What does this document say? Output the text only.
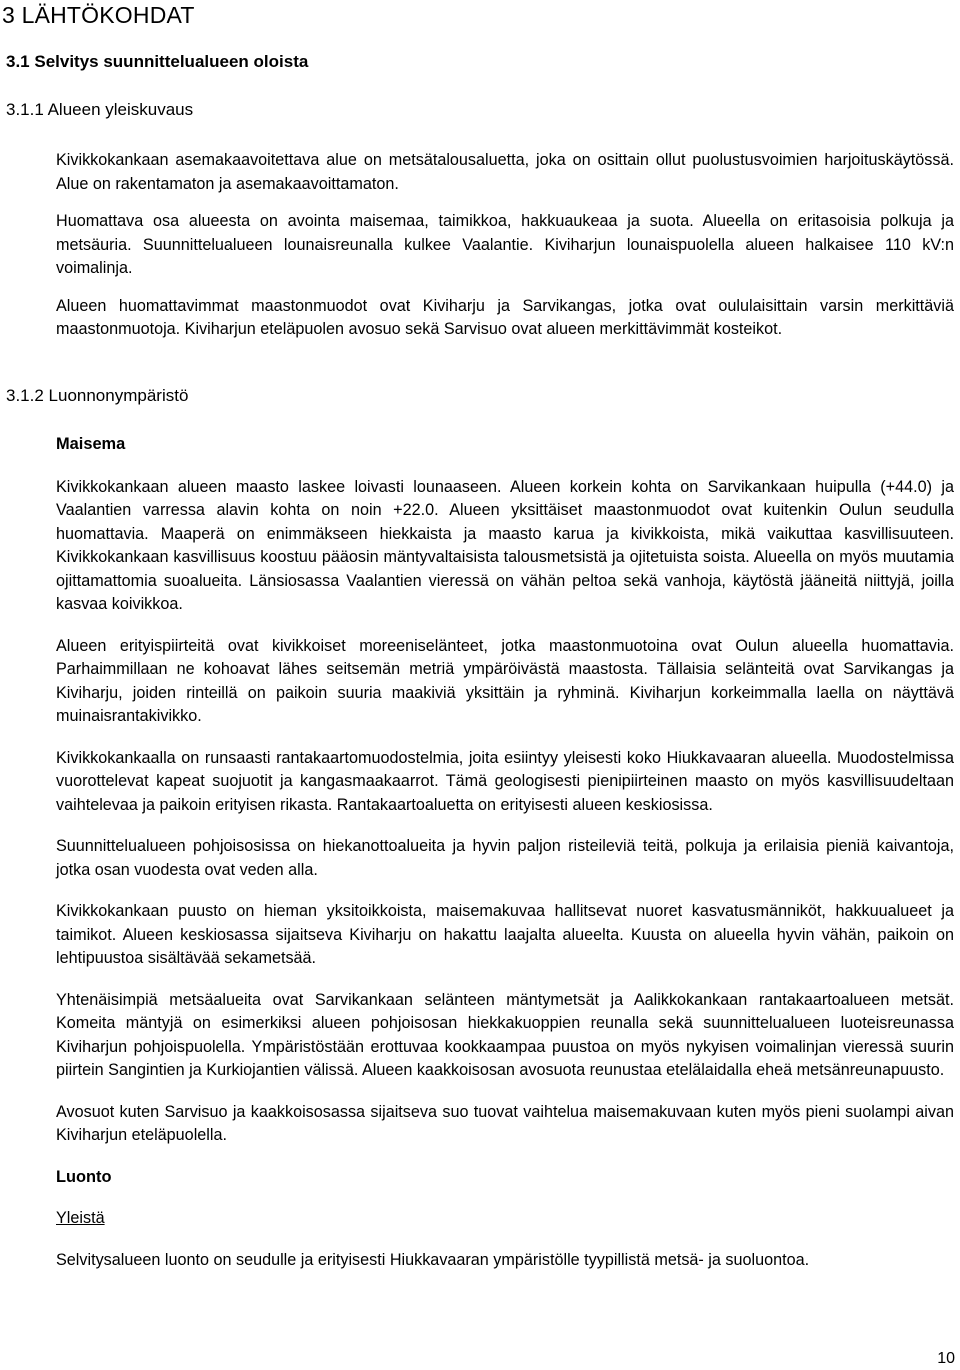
3 LÄHTÖKOHDAT
3.1 Selvitys suunnittelualueen oloista
3.1.1 Alueen yleiskuvaus

Kivikkokankaan asemakaavoitettava alue on metsätalousaluetta, joka on osittain ollut puolustusvoimien harjoituskäytössä. Alue on rakentamaton ja asemakaavoittamaton.

Huomattava osa alueesta on avointa maisemaa, taimikkoa, hakkuaukeaa ja suota. Alueella on eritasoisia polkuja ja metsäuria. Suunnittelualueen lounaisreunalla kulkee Vaalantie. Kiviharjun lounaispuolella alueen halkaisee 110 kV:n voimalinja.

Alueen huomattavimmat maastonmuodot ovat Kiviharju ja Sarvikangas, jotka ovat oululaisittain varsin merkittäviä maastonmuotoja. Kiviharjun eteläpuolen avosuo sekä Sarvisuo ovat alueen merkittävimmät kosteikot.

3.1.2 Luonnonympäristö

Maisema

Kivikkokankaan alueen maasto laskee loivasti lounaaseen. Alueen korkein kohta on Sarvikankaan huipulla (+44.0) ja Vaalantien varressa alavin kohta on noin +22.0. Alueen yksittäiset maastonmuodot ovat kuitenkin Oulun seudulla huomattavia. Maaperä on enimmäkseen hiekkaista ja maasto karua ja kivikkoista, mikä vaikuttaa kasvillisuuteen. Kivikkokankaan kasvillisuus koostuu pääosin mäntyvaltaisista talousmetsistä ja ojitetuista soista. Alueella on myös muutamia ojittamattomia suoalueita. Länsiosassa Vaalantien vieressä on vähän peltoa sekä vanhoja, käytöstä jääneitä niittyjä, joilla kasvaa koivikkoa.

Alueen erityispiirteitä ovat kivikkoiset moreeniselänteet, jotka maastonmuotoina ovat Oulun alueella huomattavia. Parhaimmillaan ne kohoavat lähes seitsemän metriä ympäröivästä maastosta. Tällaisia selänteitä ovat Sarvikangas ja Kiviharju, joiden rinteillä on paikoin suuria maakiviä yksittäin ja ryhminä. Kiviharjun korkeimmalla laella on näyttävä muinaisrantakivikko.

Kivikkokankaalla on runsaasti rantakaartomuodostelmia, joita esiintyy yleisesti koko Hiukkavaaran alueella. Muodostelmissa vuorottelevat kapeat suojuotit ja kangasmaakaarrot. Tämä geologisesti pienipiirteinen maasto on myös kasvillisuudeltaan vaihtelevaa ja paikoin erityisen rikasta. Rantakaartoaluetta on erityisesti alueen keskiosissa.

Suunnittelualueen pohjoisosissa on hiekanottoalueita ja hyvin paljon risteileviä teitä, polkuja ja erilaisia pieniä kaivantoja, jotka osan vuodesta ovat veden alla.

Kivikkokankaan puusto on hieman yksitoikkoista, maisemakuvaa hallitsevat nuoret kasvatusmänniköt, hakkuualueet ja taimikot. Alueen keskiosassa sijaitseva Kiviharju on hakattu laajalta alueelta. Kuusta on alueella hyvin vähän, paikoin on lehtipuustoa sisältävää sekametsää.

Yhtenäisimpiä metsäalueita ovat Sarvikankaan selänteen mäntymetsät ja Aalikkokankaan rantakaartoalueen metsät. Komeita mäntyjä on esimerkiksi alueen pohjoisosan hiekkakuoppien reunalla sekä suunnittelualueen luoteisreunassa Kiviharjun pohjoispuolella. Ympäristöstään erottuvaa kookkaampaa puustoa on myös nykyisen voimalinjan vieressä suurin piirtein Sangintien ja Kurkiojantien välissä. Alueen kaakkoisosan avosuota reunustaa etelälaidalla eheä metsänreunapuusto.

Avosuot kuten Sarvisuo ja kaakkoisosassa sijaitseva suo tuovat vaihtelua maisemakuvaan kuten myös pieni suolampi aivan Kiviharjun eteläpuolella.

Luonto

Yleistä

Selvitysalueen luonto on seudulle ja erityisesti Hiukkavaaran ympäristölle tyypillistä metsä- ja suoluontoa.

10
